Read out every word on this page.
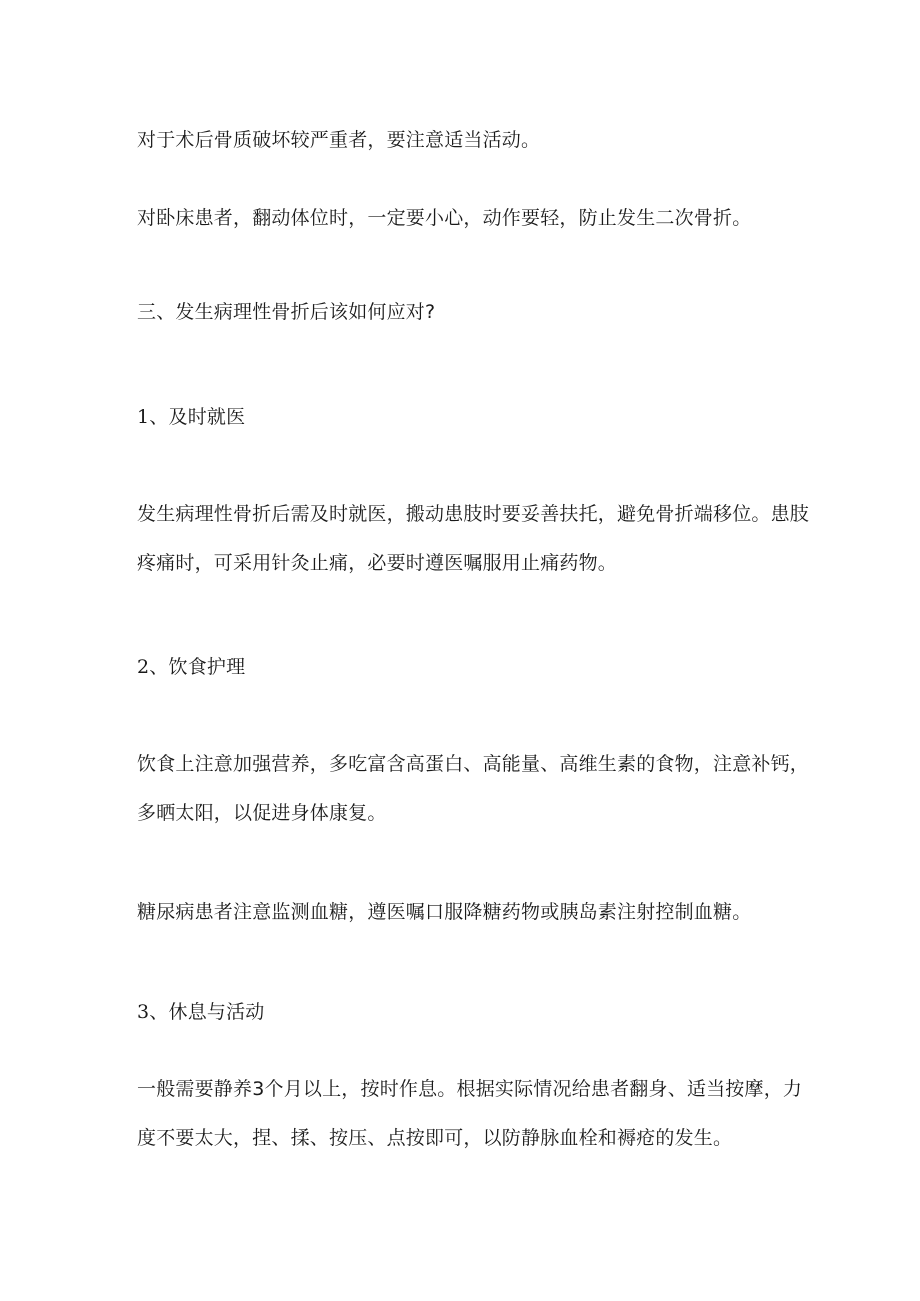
对于术后骨质破坏较严重者，要注意适当活动。
对卧床患者，翻动体位时，一定要小心，动作要轻，防止发生二次骨折。
三、发生病理性骨折后该如何应对?
1、及时就医
发生病理性骨折后需及时就医，搬动患肢时要妥善扶托，避免骨折端移位。患肢
疼痛时，可采用针灸止痛，必要时遵医嘱服用止痛药物。
2、饮食护理
饮食上注意加强营养，多吃富含高蛋白、高能量、高维生素的食物，注意补钙，
多晒太阳，以促进身体康复。
糖尿病患者注意监测血糖，遵医嘱口服降糖药物或胰岛素注射控制血糖。
3、休息与活动
一般需要静养3个月以上，按时作息。根据实际情况给患者翻身、适当按摩，力
度不要太大，捏、揉、按压、点按即可，以防静脉血栓和褥疮的发生。
